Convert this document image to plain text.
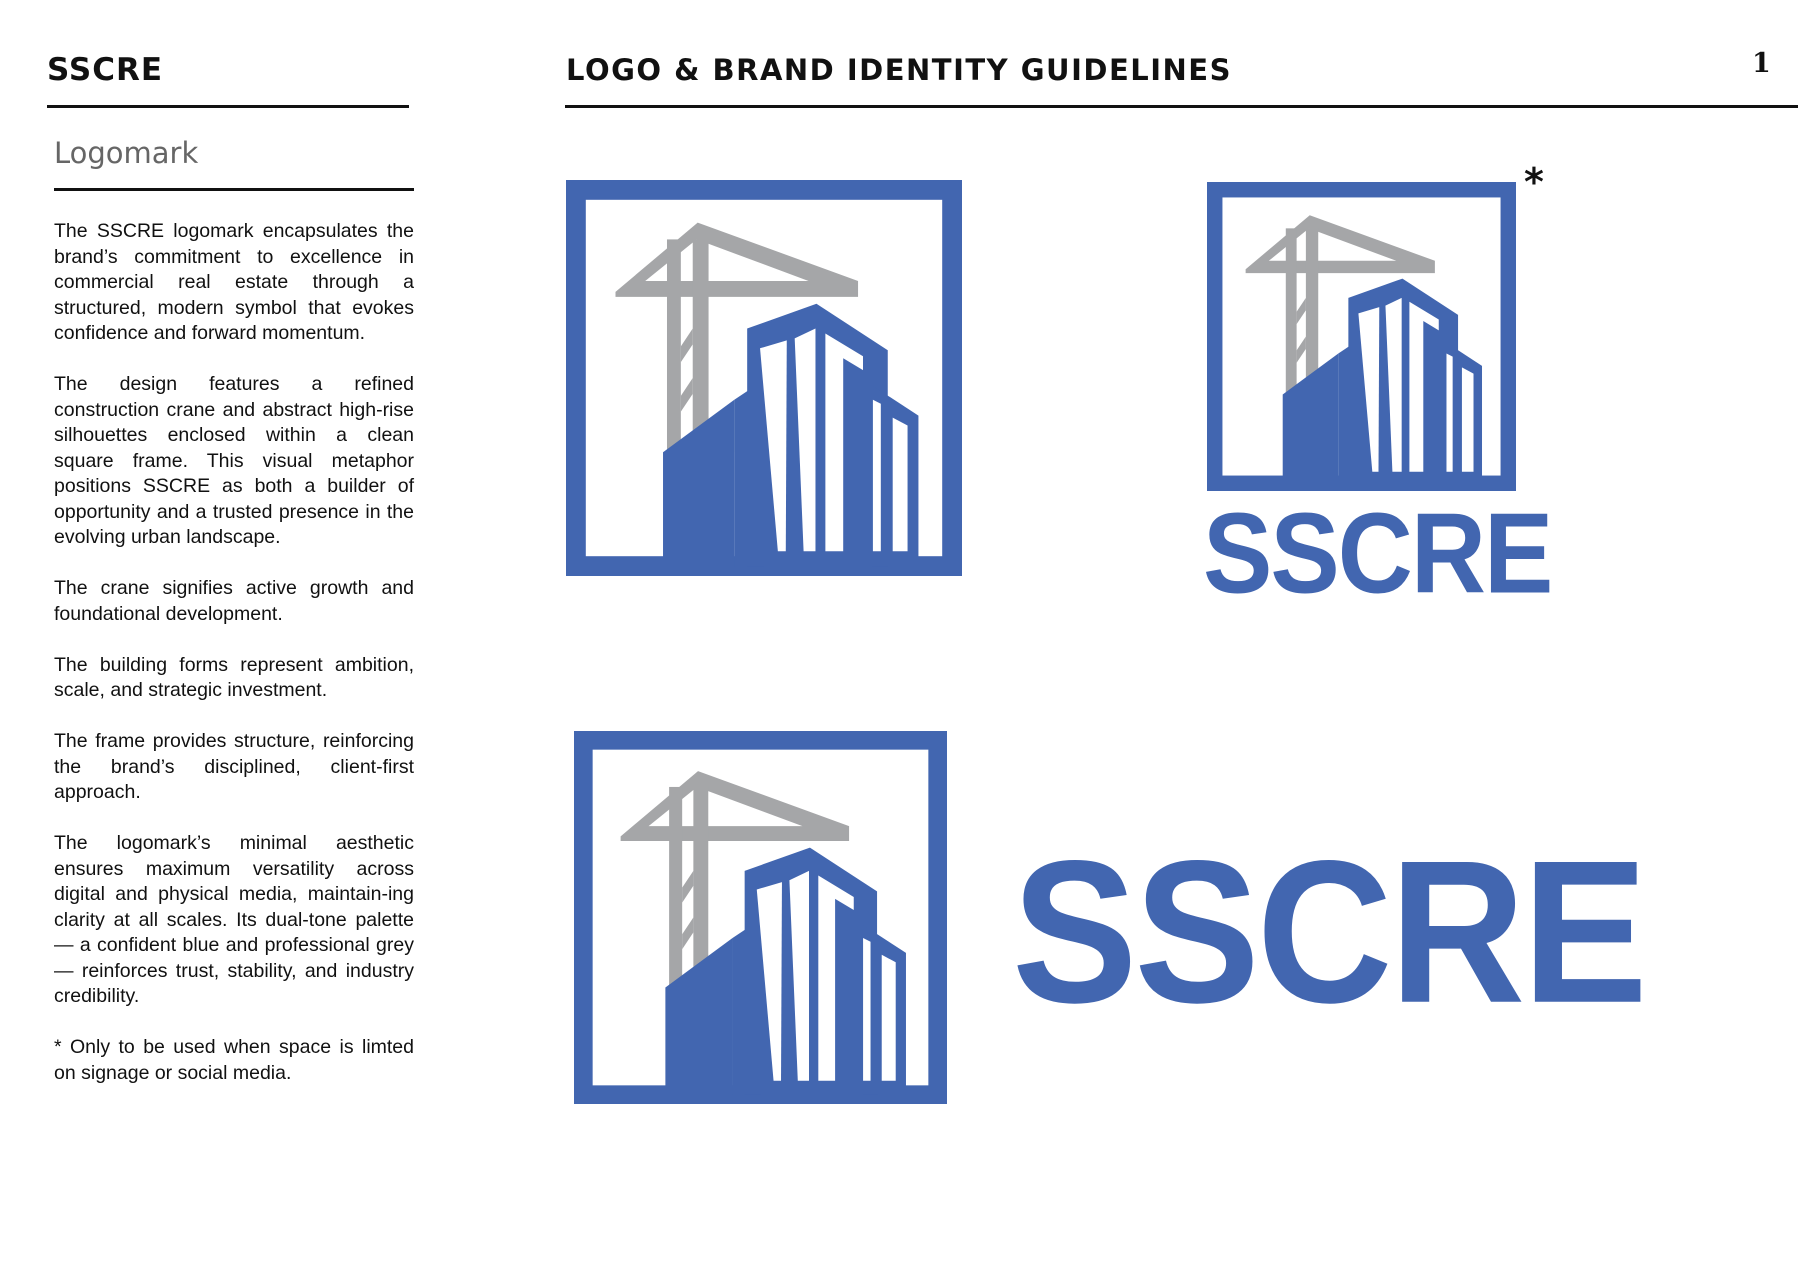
SSCRE	LOGO & BRAND IDENTITY GUIDELINES	1
Logomark

The SSCRE logomark encapsulates the brand’s commitment to excellence in commercial real estate through a structured, modern symbol that evokes confidence and forward momentum.

The design features a refined construction crane and abstract high-rise silhouettes enclosed within a clean square frame. This visual metaphor positions SSCRE as both a builder of opportunity and a trusted presence in the evolving urban landscape.

The crane signifies active growth and foundational development.

The building forms represent ambition, scale, and strategic investment.

The frame provides structure, reinforcing the brand’s disciplined, client-first approach.

The logomark’s minimal aesthetic ensures maximum versatility across digital and physical media, maintain-ing clarity at all scales. Its dual-tone palette — a confident blue and professional grey — reinforces trust, stability, and industry credibility.

* Only to be used when space is limted on signage or social media.

*
SSCRE
SSCRE
